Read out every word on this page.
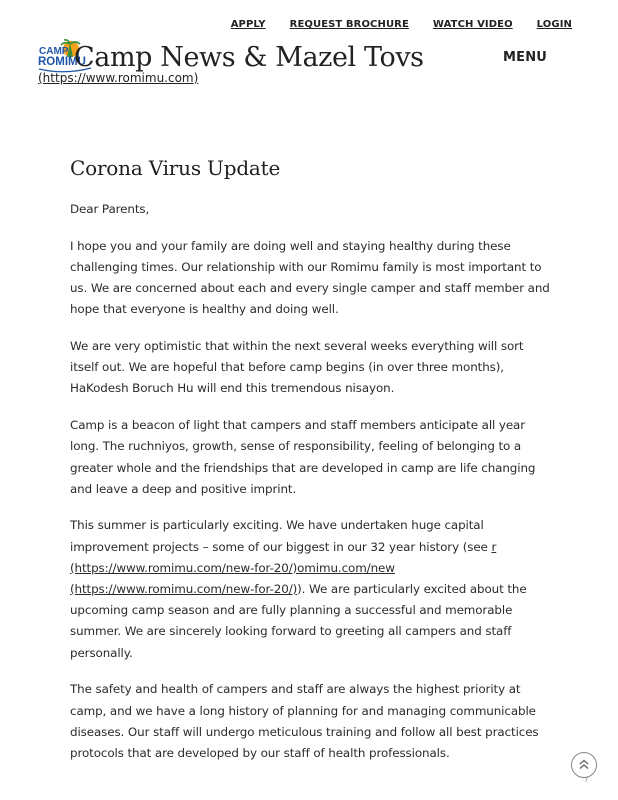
APPLY REQUEST BROCHURE WATCH VIDEO LOGIN
CAMP
ROMIMU
Camp News & Mazel Tovs
(https://www.romimu.com)
MENU
Corona Virus Update

Dear Parents,

I hope you and your family are doing well and staying healthy during these challenging times. Our relationship with our Romimu family is most important to us. We are concerned about each and every single camper and staff member and hope that everyone is healthy and doing well.

We are very optimistic that within the next several weeks everything will sort itself out. We are hopeful that before camp begins (in over three months), HaKodesh Boruch Hu will end this tremendous nisayon.

Camp is a beacon of light that campers and staff members anticipate all year long. The ruchniyos, growth, sense of responsibility, feeling of belonging to a greater whole and the friendships that are developed in camp are life changing and leave a deep and positive imprint.

This summer is particularly exciting. We have undertaken huge capital improvement projects – some of our biggest in our 32 year history (see r (https://www.romimu.com/new-for-20/)omimu.com/new (https://www.romimu.com/new-for-20/)). We are particularly excited about the upcoming camp season and are fully planning a successful and memorable summer. We are sincerely looking forward to greeting all campers and staff personally.

The safety and health of campers and staff are always the highest priority at camp, and we have a long history of planning for and managing communicable diseases. Our staff will undergo meticulous training and follow all best practices protocols that are developed by our staff of health professionals.

7
